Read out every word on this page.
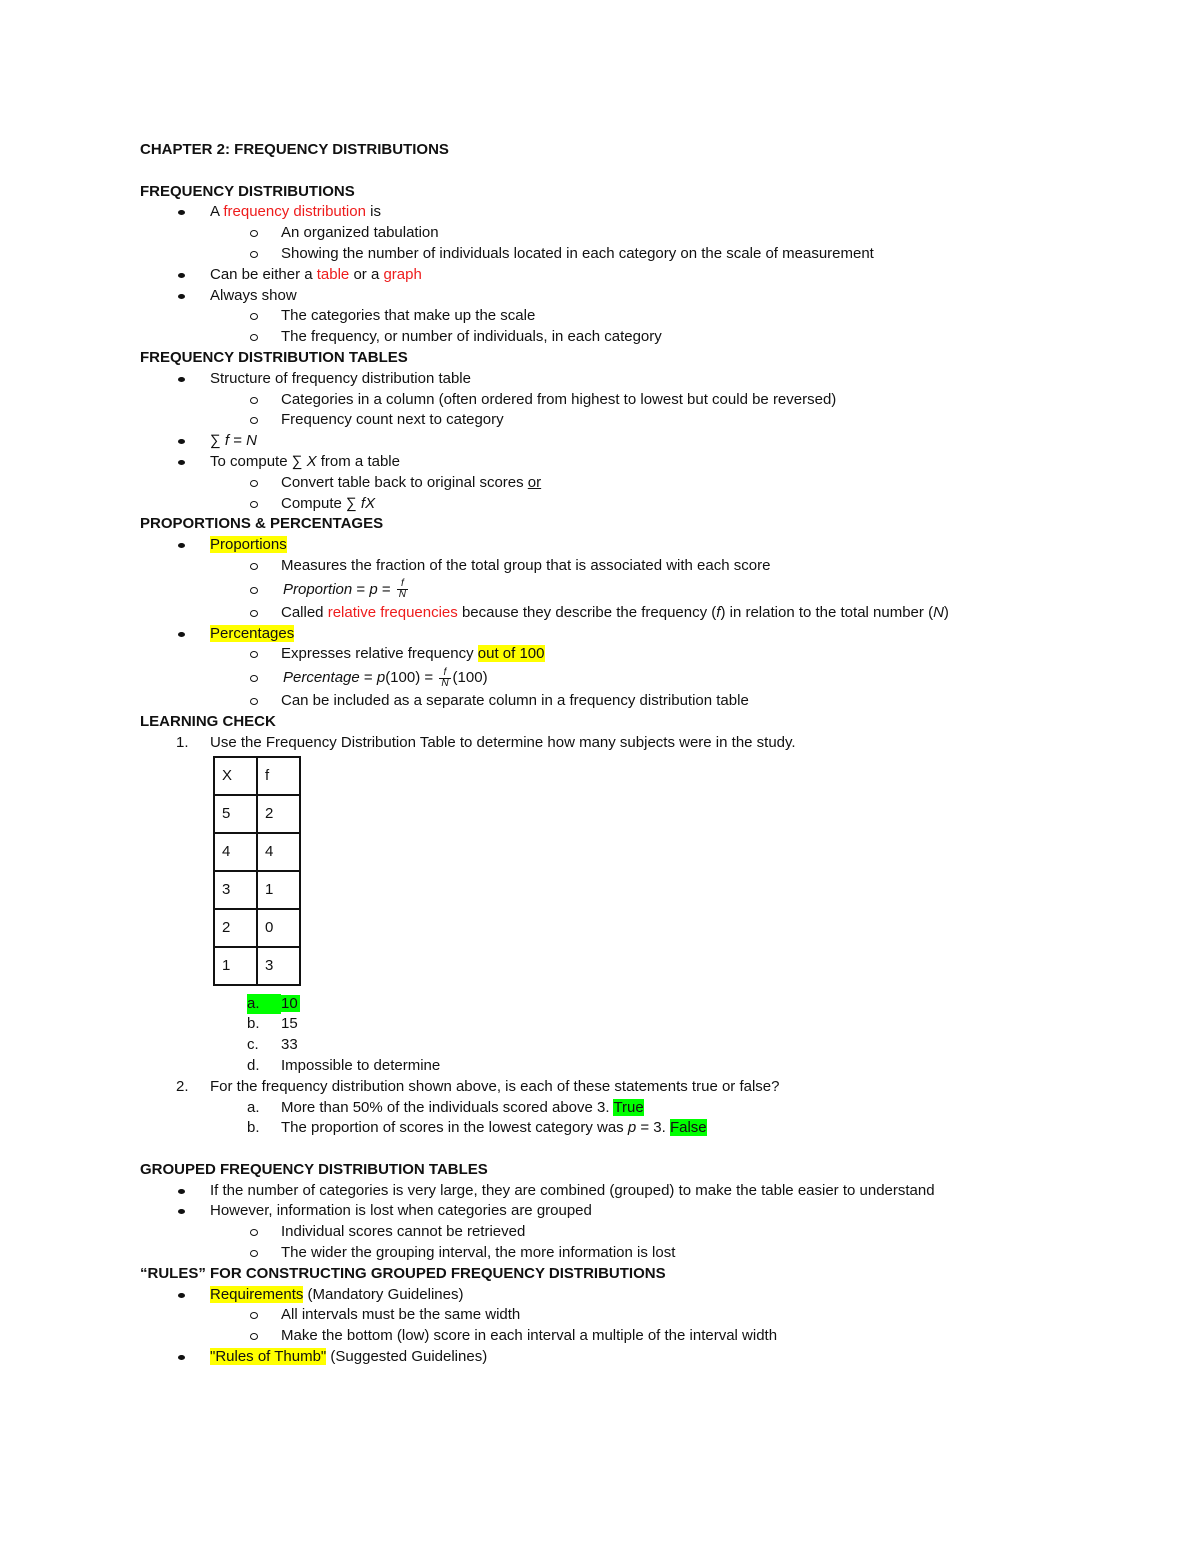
CHAPTER 2: FREQUENCY DISTRIBUTIONS
FREQUENCY DISTRIBUTIONS
A frequency distribution is
An organized tabulation
Showing the number of individuals located in each category on the scale of measurement
Can be either a table or a graph
Always show
The categories that make up the scale
The frequency, or number of individuals, in each category
FREQUENCY DISTRIBUTION TABLES
Structure of frequency distribution table
Categories in a column (often ordered from highest to lowest but could be reversed)
Frequency count next to category
∑ f = N
To compute ∑ X from a table
Convert table back to original scores or
Compute ∑ fX
PROPORTIONS & PERCENTAGES
Proportions
Measures the fraction of the total group that is associated with each score
Proportion = $p = \frac{f}{N}$
Called relative frequencies because they describe the frequency (f) in relation to the total number (N)
Percentages
Expresses relative frequency out of 100
Percentage = $p(100) = \frac{f}{N} (100)$
Can be included as a separate column in a frequency distribution table
LEARNING CHECK
1. Use the Frequency Distribution Table to determine how many subjects were in the study.
X	f
5	2
4	4
3	1
2	0
1	3
a.	10
b. 15
c. 33
d. Impossible to determine
2. For the frequency distribution shown above, is each of these statements true or false?
a. More than 50% of the individuals scored above 3. True
b. The proportion of scores in the lowest category was p = 3. False
GROUPED FREQUENCY DISTRIBUTION TABLES
If the number of categories is very large, they are combined (grouped) to make the table easier to understand
However, information is lost when categories are grouped
Individual scores cannot be retrieved
The wider the grouping interval, the more information is lost
“RULES” FOR CONSTRUCTING GROUPED FREQUENCY DISTRIBUTIONS
Requirements (Mandatory Guidelines)
All intervals must be the same width
Make the bottom (low) score in each interval a multiple of the interval width
"Rules of Thumb" (Suggested Guidelines)
